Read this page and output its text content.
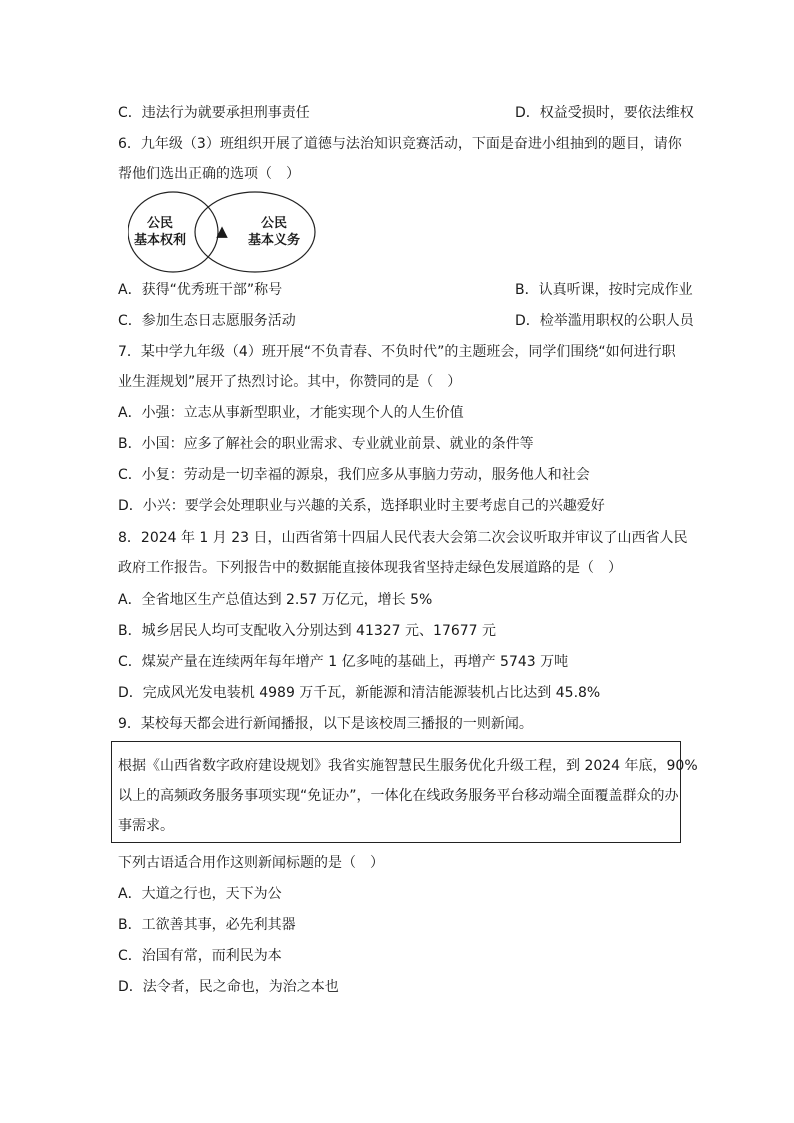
C．违法行为就要承担刑事责任	D．权益受损时，要依法维权
6．九年级（3）班组织开展了道德与法治知识竞赛活动，下面是奋进小组抽到的题目，请你
帮他们选出正确的选项（　）
公民
基本权利
▲	公民
基本义务
A．获得“优秀班干部”称号	B．认真听课，按时完成作业
C．参加生态日志愿服务活动	D．检举滥用职权的公职人员
7．某中学九年级（4）班开展“不负青春、不负时代”的主题班会，同学们围绕“如何进行职
业生涯规划”展开了热烈讨论。其中，你赞同的是（　）
A．小强：立志从事新型职业，才能实现个人的人生价值
B．小国：应多了解社会的职业需求、专业就业前景、就业的条件等
C．小复：劳动是一切幸福的源泉，我们应多从事脑力劳动，服务他人和社会
D．小兴：要学会处理职业与兴趣的关系，选择职业时主要考虑自己的兴趣爱好
8．2024 年 1 月 23 日，山西省第十四届人民代表大会第二次会议听取并审议了山西省人民
政府工作报告。下列报告中的数据能直接体现我省坚持走绿色发展道路的是（　）
A．全省地区生产总值达到 2.57 万亿元，增长 5%
B．城乡居民人均可支配收入分别达到 41327 元、17677 元
C．煤炭产量在连续两年每年增产 1 亿多吨的基础上，再增产 5743 万吨
D．完成风光发电装机 4989 万千瓦，新能源和清洁能源装机占比达到 45.8%
9．某校每天都会进行新闻播报，以下是该校周三播报的一则新闻。
根据《山西省数字政府建设规划》我省实施智慧民生服务优化升级工程，到 2024 年底，90%
以上的高频政务服务事项实现“免证办”，一体化在线政务服务平台移动端全面覆盖群众的办
事需求。
下列古语适合用作这则新闻标题的是（　）
A．大道之行也，天下为公
B．工欲善其事，必先利其器
C．治国有常，而利民为本
D．法令者，民之命也，为治之本也
